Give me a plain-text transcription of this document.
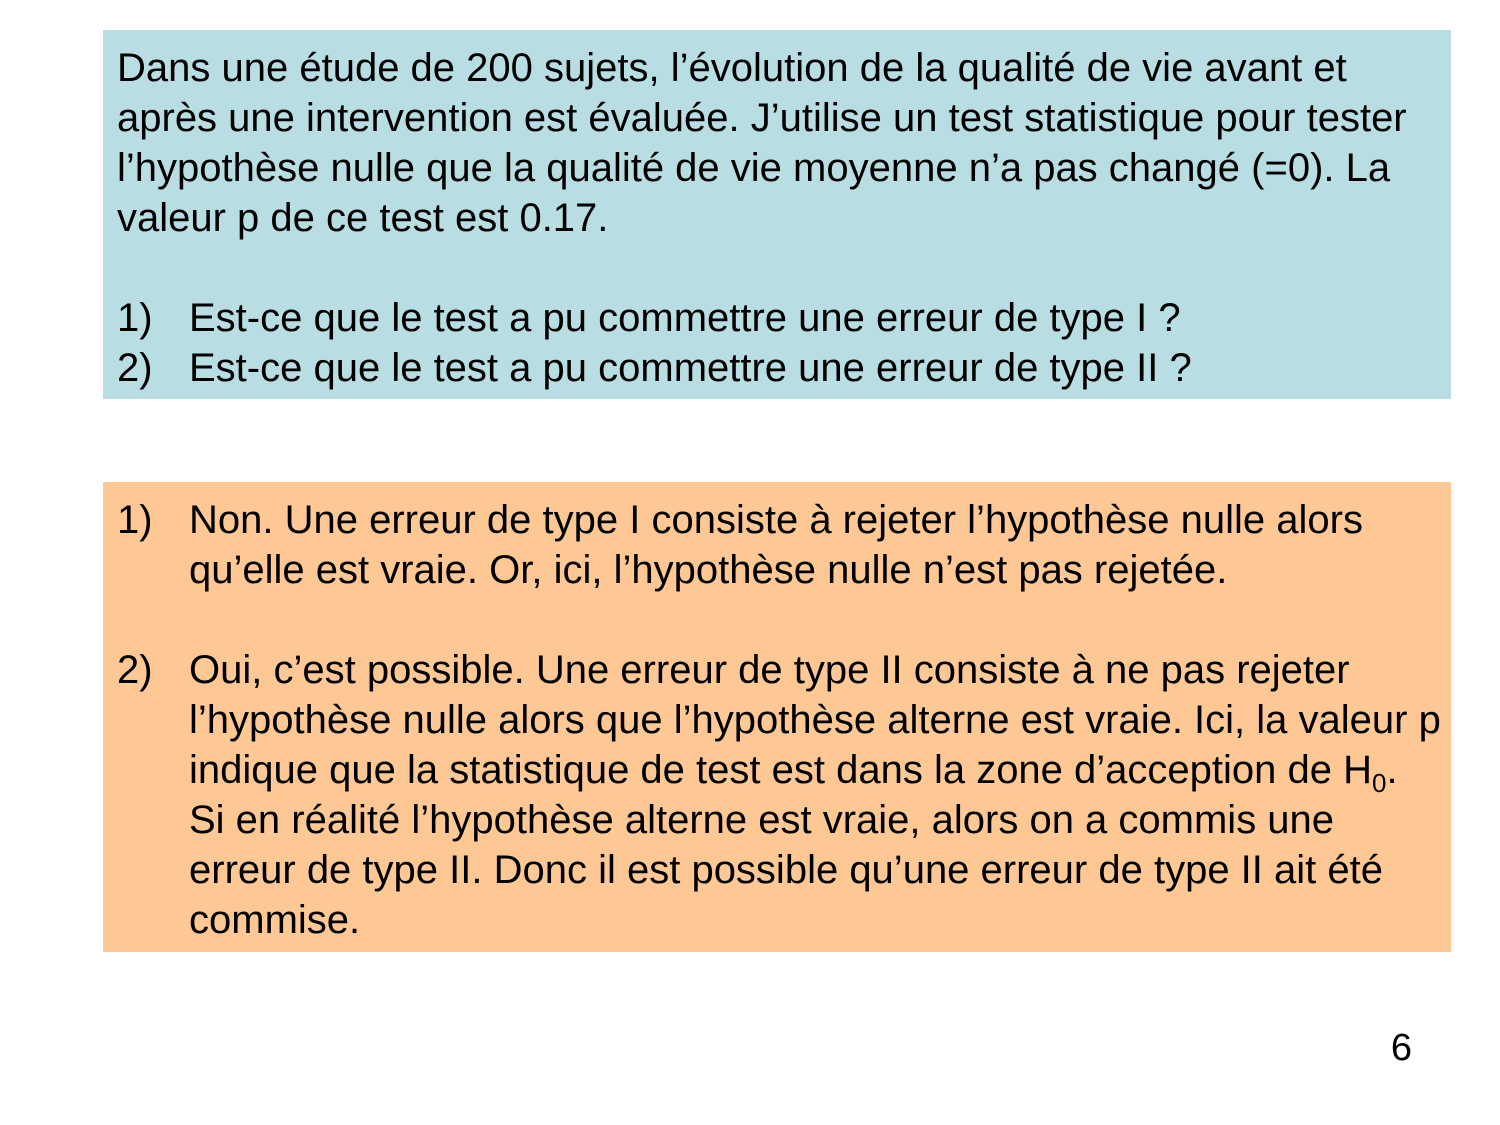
Dans une étude de 200 sujets, l’évolution de la qualité de vie avant et après une intervention est évaluée. J’utilise un test statistique pour tester l’hypothèse nulle que la qualité de vie moyenne n’a pas changé (=0). La valeur p de ce test est 0.17.

1) Est-ce que le test a pu commettre une erreur de type I ?
2) Est-ce que le test a pu commettre une erreur de type II ?
1) Non. Une erreur de type I consiste à rejeter l’hypothèse nulle alors qu’elle est vraie. Or, ici, l’hypothèse nulle n’est pas rejetée.
2) Oui, c’est possible. Une erreur de type II consiste à ne pas rejeter l’hypothèse nulle alors que l’hypothèse alterne est vraie. Ici, la valeur p indique que la statistique de test est dans la zone d’acception de $H_0$. Si en réalité l’hypothèse alterne est vraie, alors on a commis une erreur de type II. Donc il est possible qu’une erreur de type II ait été commise.
6
